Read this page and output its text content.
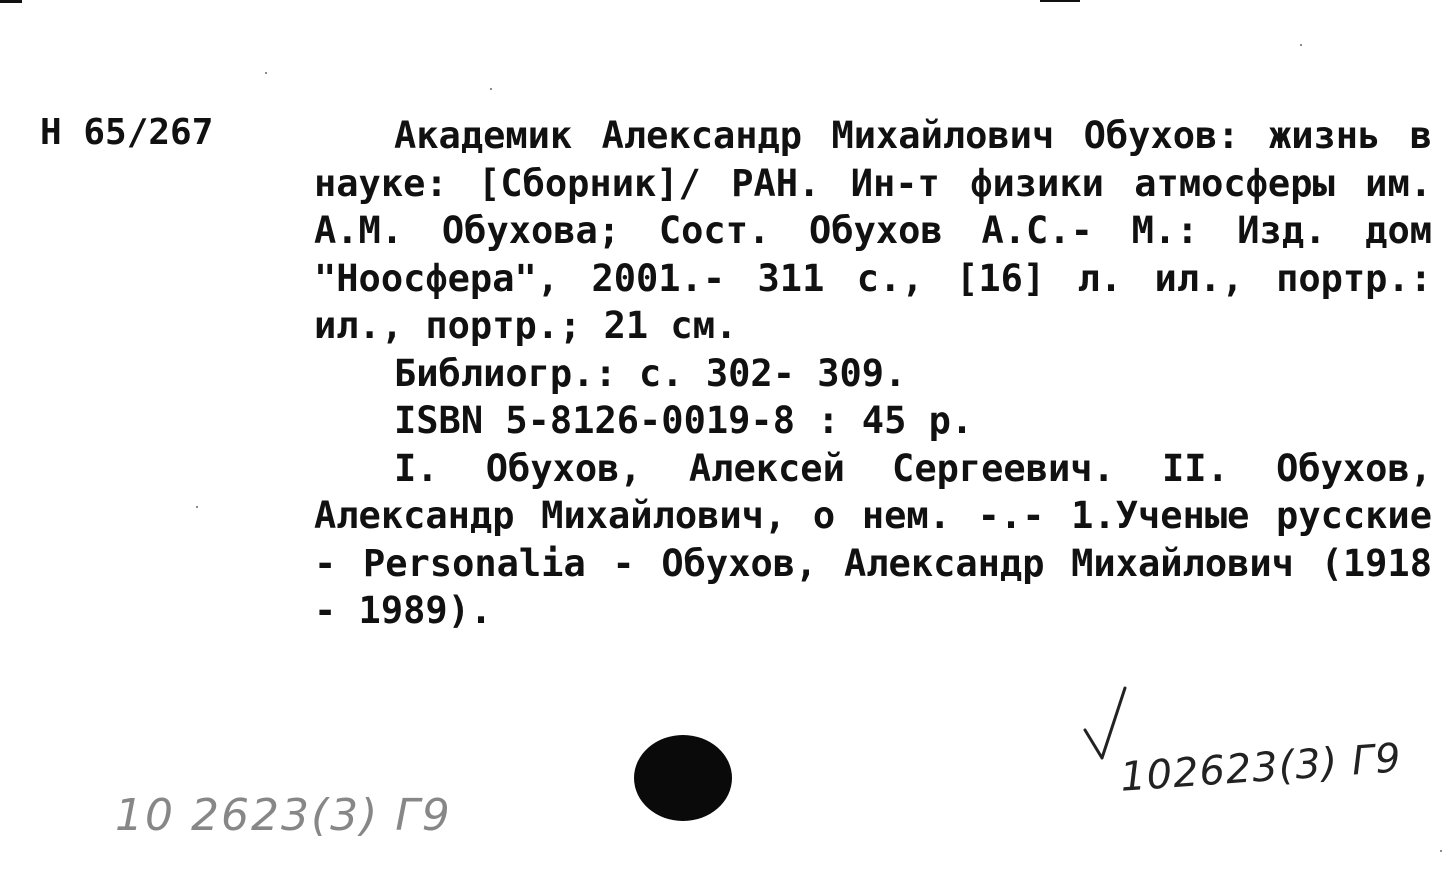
Н 65/267	Академик Александр Михайлович Обухов: жизнь в науке: [Сборник]/ РАН. Ин-т физики атмосферы им. А.М. Обухова; Сост. Обухов А.С.- М.: Изд. дом "Ноосфера", 2001.- 311 с., [16] л. ил., портр.: ил., портр.; 21 см.

Библиогр.: с. 302- 309.

ISBN 5-8126-0019-8 : 45 р.

I. Обухов, Алексей Сергеевич. II. Обухов, Александр Михайлович, о нем. -.- 1.Ученые русские - Personalia - Обухов, Александр Михайлович (1918 - 1989).

10 2623(3) Г9
102623(3) Г9
